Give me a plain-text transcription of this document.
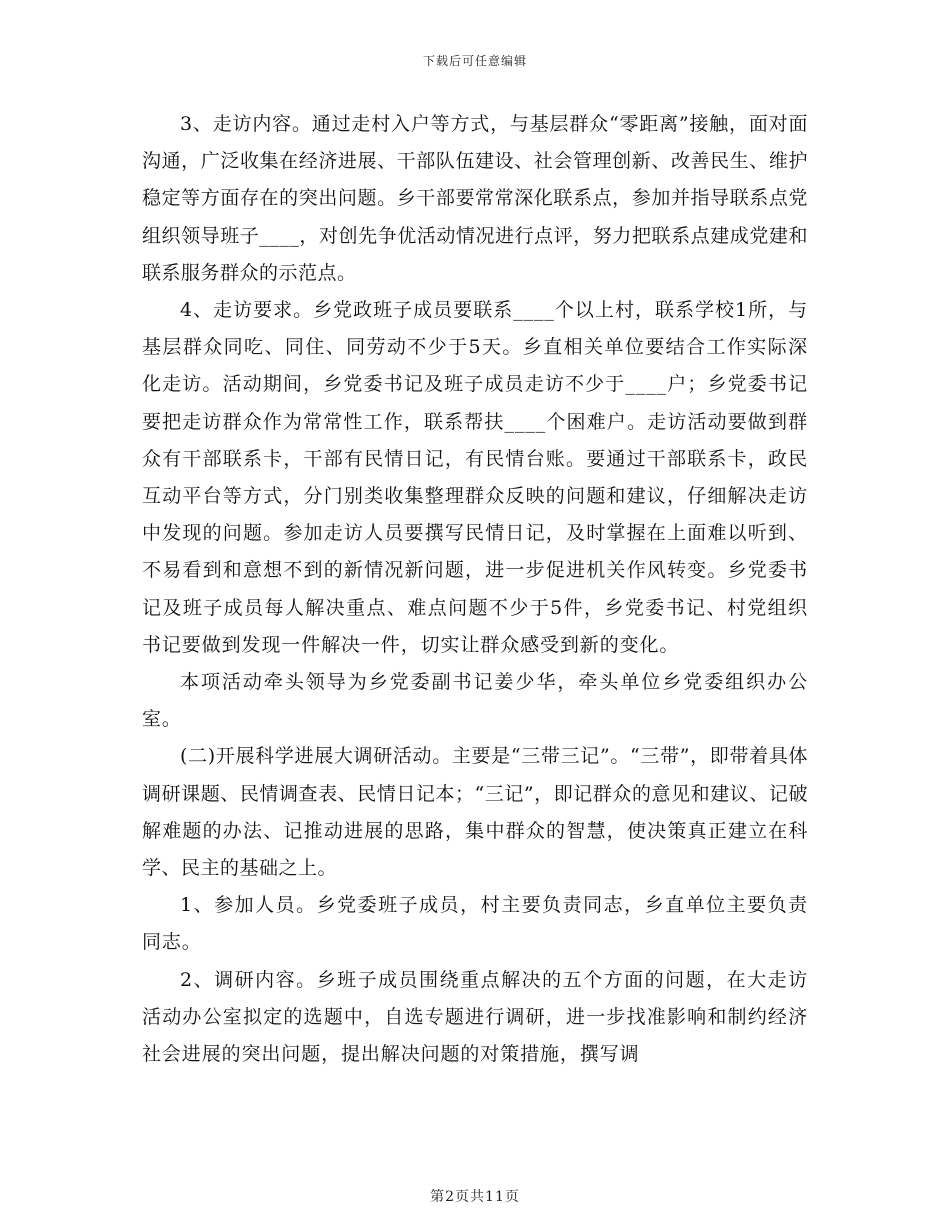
下载后可任意编辑

3、走访内容。通过走村入户等方式，与基层群众“零距离”接触，面对面沟通，广泛收集在经济进展、干部队伍建设、社会管理创新、改善民生、维护稳定等方面存在的突出问题。乡干部要常常深化联系点，参加并指导联系点党组织领导班子____，对创先争优活动情况进行点评，努力把联系点建成党建和联系服务群众的示范点。

4、走访要求。乡党政班子成员要联系____个以上村，联系学校1所，与基层群众同吃、同住、同劳动不少于5天。乡直相关单位要结合工作实际深化走访。活动期间，乡党委书记及班子成员走访不少于____户；乡党委书记要把走访群众作为常常性工作，联系帮扶____个困难户。走访活动要做到群众有干部联系卡，干部有民情日记，有民情台账。要通过干部联系卡，政民互动平台等方式，分门别类收集整理群众反映的问题和建议，仔细解决走访中发现的问题。参加走访人员要撰写民情日记，及时掌握在上面难以听到、不易看到和意想不到的新情况新问题，进一步促进机关作风转变。乡党委书记及班子成员每人解决重点、难点问题不少于5件，乡党委书记、村党组织书记要做到发现一件解决一件，切实让群众感受到新的变化。

本项活动牵头领导为乡党委副书记姜少华，牵头单位乡党委组织办公室。

(二)开展科学进展大调研活动。主要是“三带三记”。“三带”，即带着具体调研课题、民情调查表、民情日记本；“三记”，即记群众的意见和建议、记破解难题的办法、记推动进展的思路，集中群众的智慧，使决策真正建立在科学、民主的基础之上。

1、参加人员。乡党委班子成员，村主要负责同志，乡直单位主要负责同志。

2、调研内容。乡班子成员围绕重点解决的五个方面的问题，在大走访活动办公室拟定的选题中，自选专题进行调研，进一步找准影响和制约经济社会进展的突出问题，提出解决问题的对策措施，撰写调

第2页共11页
